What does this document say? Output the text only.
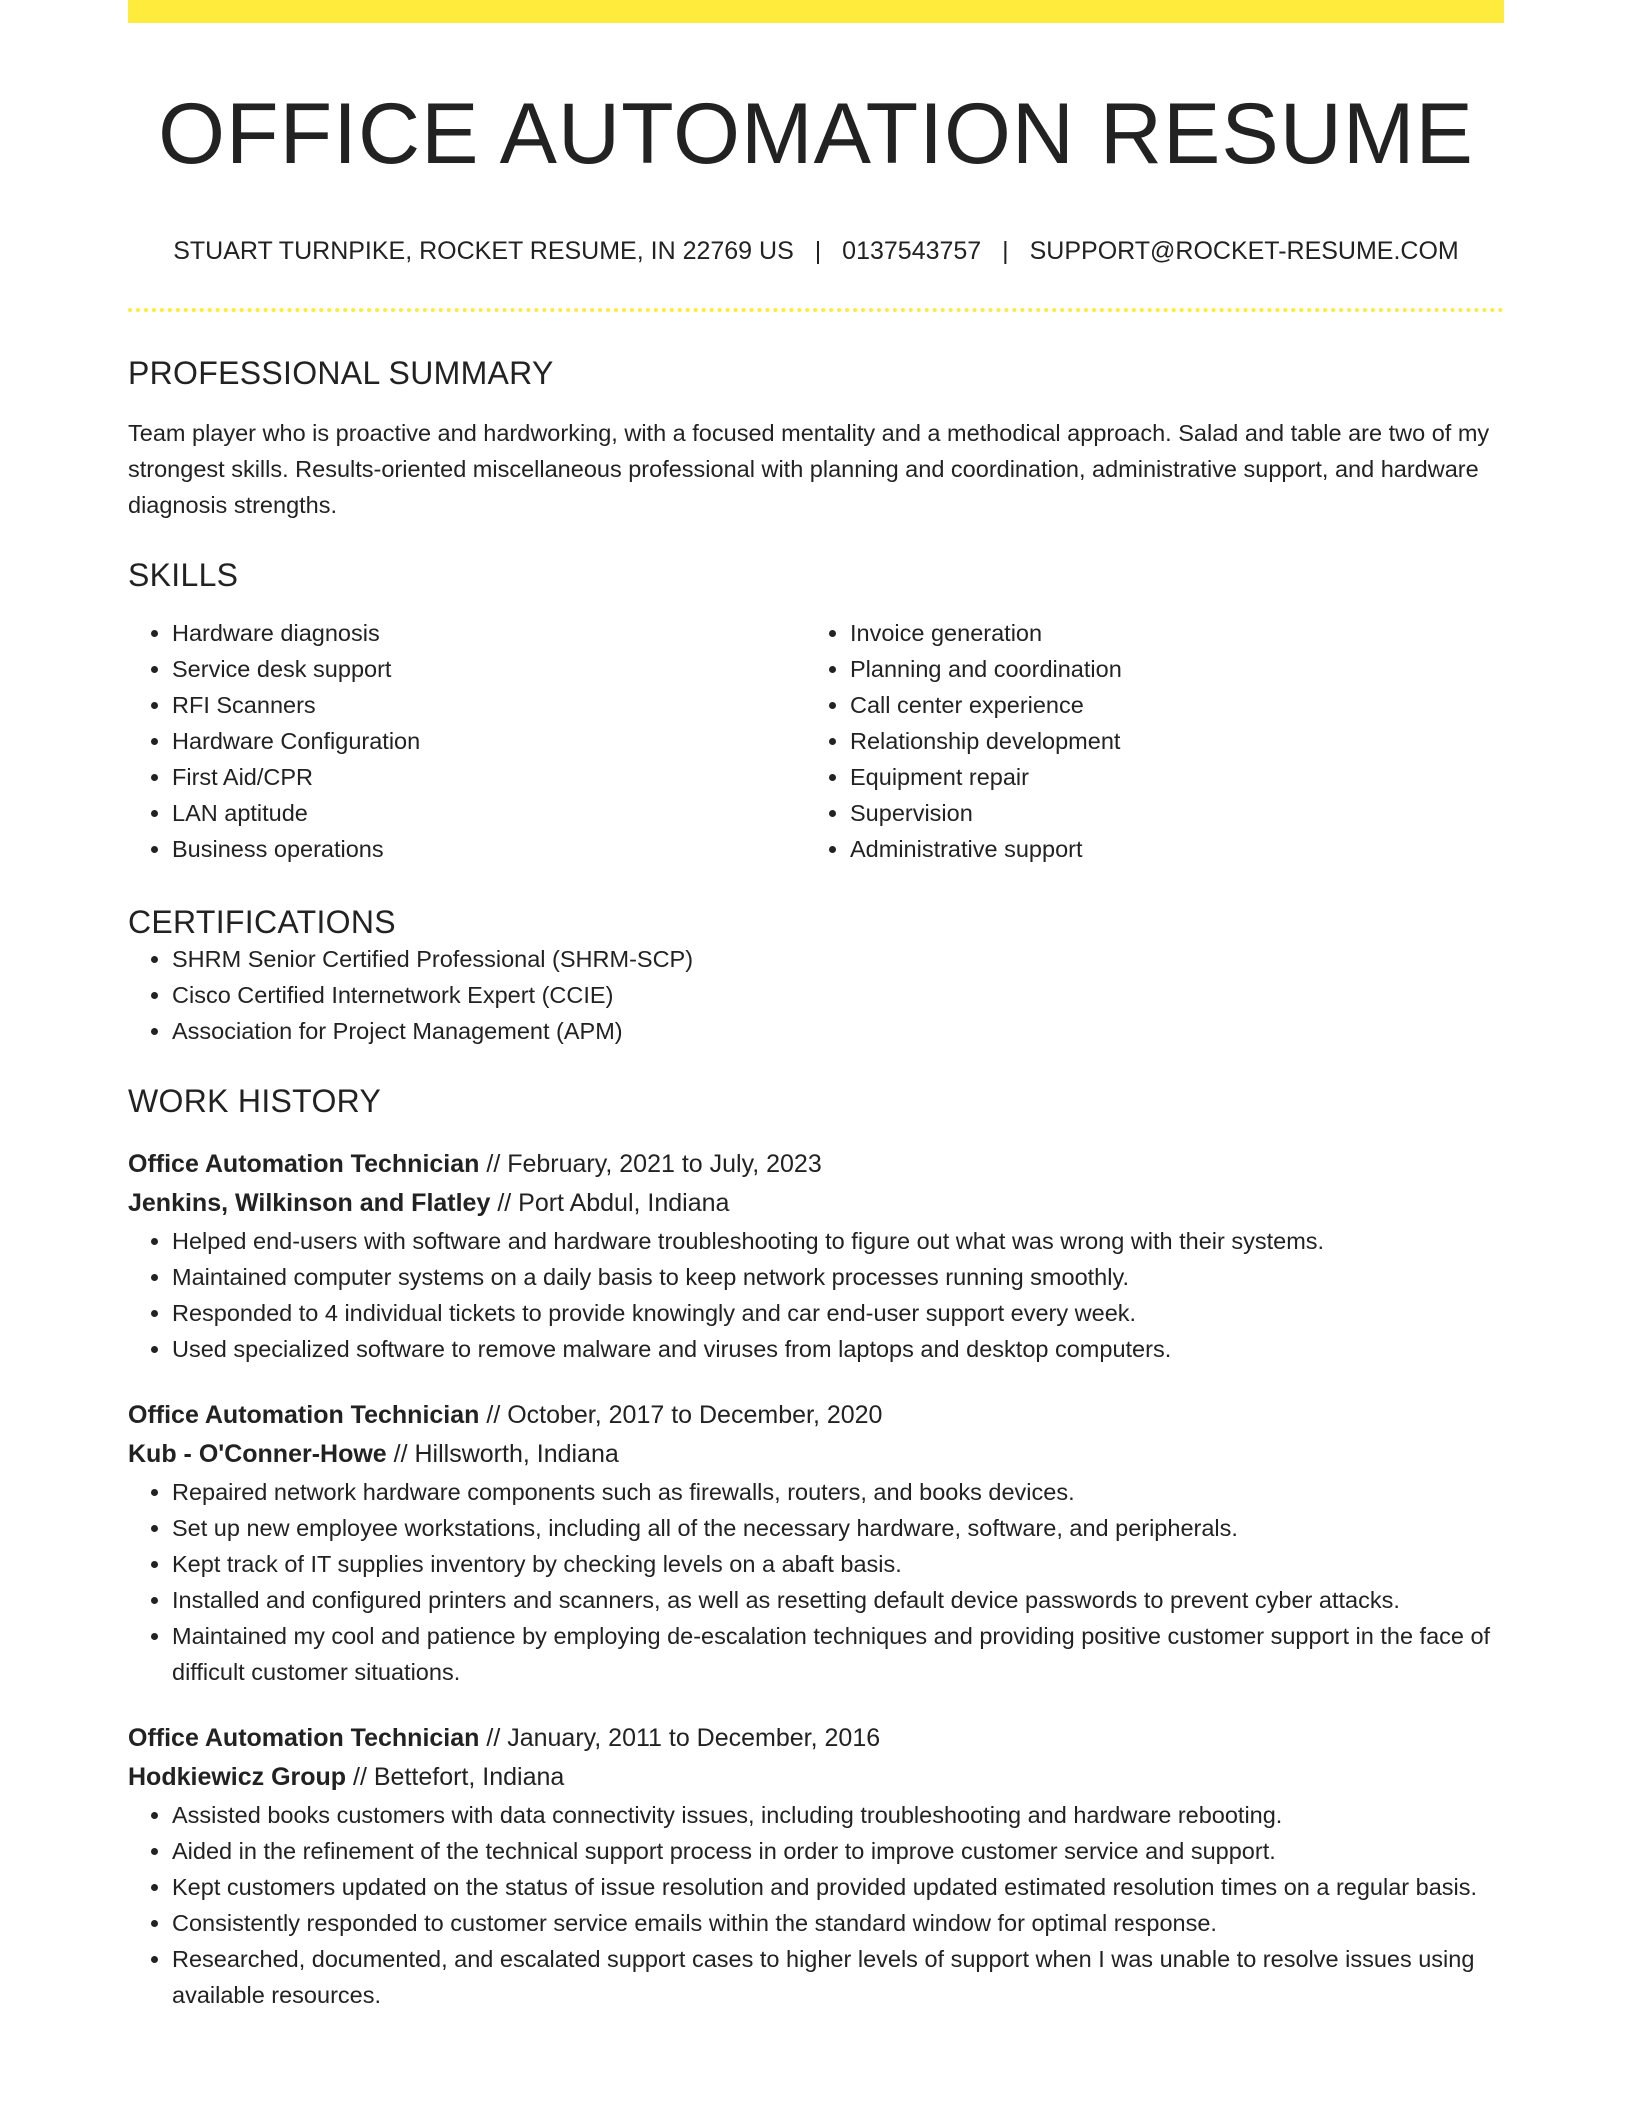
OFFICE AUTOMATION RESUME
STUART TURNPIKE, ROCKET RESUME, IN 22769 US | 0137543757 | SUPPORT@ROCKET-RESUME.COM
PROFESSIONAL SUMMARY
Team player who is proactive and hardworking, with a focused mentality and a methodical approach. Salad and table are two of my strongest skills. Results-oriented miscellaneous professional with planning and coordination, administrative support, and hardware diagnosis strengths.
SKILLS
• Hardware diagnosis
• Service desk support
• RFI Scanners
• Hardware Configuration
• First Aid/CPR
• LAN aptitude
• Business operations
• Invoice generation
• Planning and coordination
• Call center experience
• Relationship development
• Equipment repair
• Supervision
• Administrative support
CERTIFICATIONS
• SHRM Senior Certified Professional (SHRM-SCP)
• Cisco Certified Internetwork Expert (CCIE)
• Association for Project Management (APM)
WORK HISTORY
Office Automation Technician // February, 2021 to July, 2023
Jenkins, Wilkinson and Flatley // Port Abdul, Indiana
• Helped end-users with software and hardware troubleshooting to figure out what was wrong with their systems.
• Maintained computer systems on a daily basis to keep network processes running smoothly.
• Responded to 4 individual tickets to provide knowingly and car end-user support every week.
• Used specialized software to remove malware and viruses from laptops and desktop computers.
Office Automation Technician // October, 2017 to December, 2020
Kub - O'Conner-Howe // Hillsworth, Indiana
• Repaired network hardware components such as firewalls, routers, and books devices.
• Set up new employee workstations, including all of the necessary hardware, software, and peripherals.
• Kept track of IT supplies inventory by checking levels on a abaft basis.
• Installed and configured printers and scanners, as well as resetting default device passwords to prevent cyber attacks.
• Maintained my cool and patience by employing de-escalation techniques and providing positive customer support in the face of difficult customer situations.
Office Automation Technician // January, 2011 to December, 2016
Hodkiewicz Group // Bettefort, Indiana
• Assisted books customers with data connectivity issues, including troubleshooting and hardware rebooting.
• Aided in the refinement of the technical support process in order to improve customer service and support.
• Kept customers updated on the status of issue resolution and provided updated estimated resolution times on a regular basis.
• Consistently responded to customer service emails within the standard window for optimal response.
• Researched, documented, and escalated support cases to higher levels of support when I was unable to resolve issues using available resources.
